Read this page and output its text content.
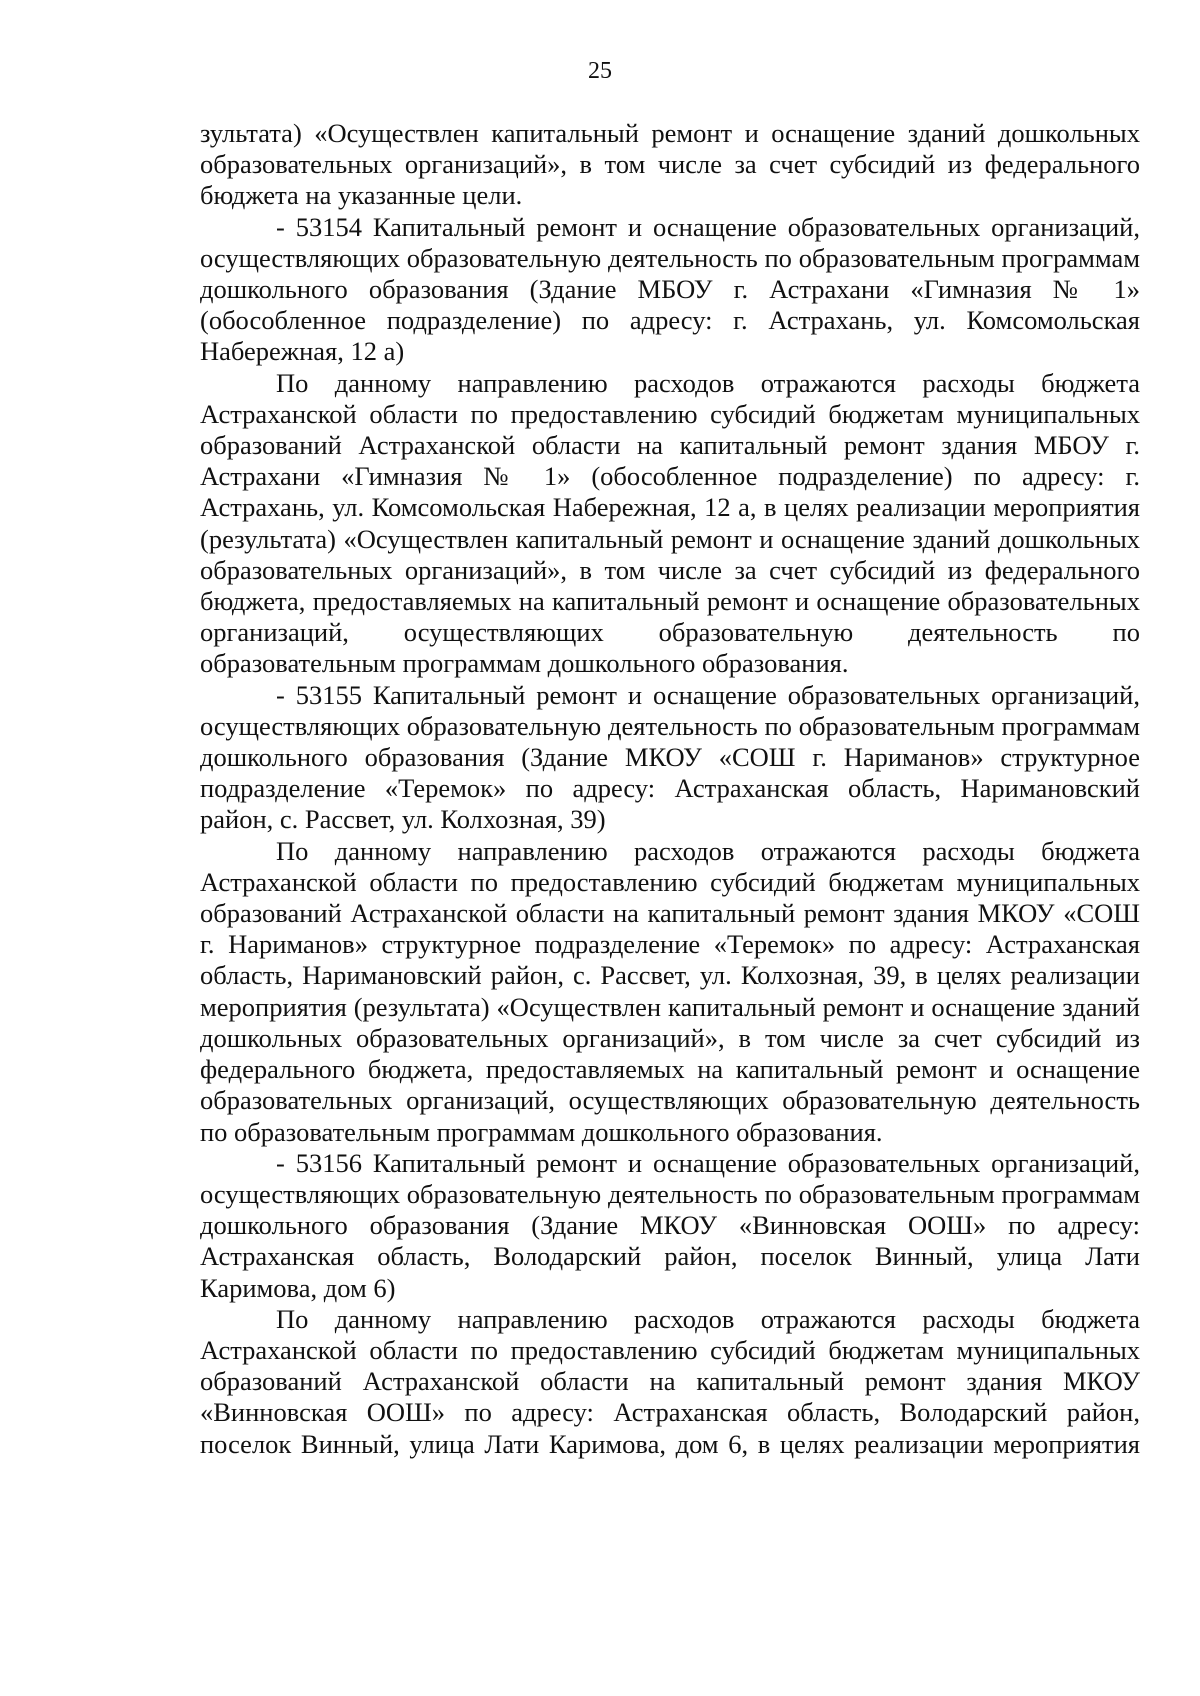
25

зультата) «Осуществлен капитальный ремонт и оснащение зданий дошкольных образовательных организаций», в том числе за счет субсидий из федерального бюджета на указанные цели.

- 53154 Капитальный ремонт и оснащение образовательных организаций, осуществляющих образовательную деятельность по образовательным программам дошкольного образования (Здание МБОУ г. Астрахани «Гимназия № 1» (обособленное подразделение) по адресу: г. Астрахань, ул. Комсомольская Набережная, 12 а)

По данному направлению расходов отражаются расходы бюджета Астраханской области по предоставлению субсидий бюджетам муниципальных образований Астраханской области на капитальный ремонт здания МБОУ г. Астрахани «Гимназия № 1» (обособленное подразделение) по адресу: г. Астрахань, ул. Комсомольская Набережная, 12 а, в целях реализации мероприятия (результата) «Осуществлен капитальный ремонт и оснащение зданий дошкольных образовательных организаций», в том числе за счет субсидий из федерального бюджета, предоставляемых на капитальный ремонт и оснащение образовательных организаций, осуществляющих образовательную деятельность по образовательным программам дошкольного образования.

- 53155 Капитальный ремонт и оснащение образовательных организаций, осуществляющих образовательную деятельность по образовательным программам дошкольного образования (Здание МКОУ «СОШ г. Нариманов» структурное подразделение «Теремок» по адресу: Астраханская область, Наримановский район, с. Рассвет, ул. Колхозная, 39)

По данному направлению расходов отражаются расходы бюджета Астраханской области по предоставлению субсидий бюджетам муниципальных образований Астраханской области на капитальный ремонт здания МКОУ «СОШ г. Нариманов» структурное подразделение «Теремок» по адресу: Астраханская область, Наримановский район, с. Рассвет, ул. Колхозная, 39, в целях реализации мероприятия (результата) «Осуществлен капитальный ремонт и оснащение зданий дошкольных образовательных организаций», в том числе за счет субсидий из федерального бюджета, предоставляемых на капитальный ремонт и оснащение образовательных организаций, осуществляющих образовательную деятельность по образовательным программам дошкольного образования.

- 53156 Капитальный ремонт и оснащение образовательных организаций, осуществляющих образовательную деятельность по образовательным программам дошкольного образования (Здание МКОУ «Винновская ООШ» по адресу: Астраханская область, Володарский район, поселок Винный, улица Лати Каримова, дом 6)

По данному направлению расходов отражаются расходы бюджета Астраханской области по предоставлению субсидий бюджетам муниципальных образований Астраханской области на капитальный ремонт здания МКОУ «Винновская ООШ» по адресу: Астраханская область, Володарский район, поселок Винный, улица Лати Каримова, дом 6, в целях реализации мероприятия
